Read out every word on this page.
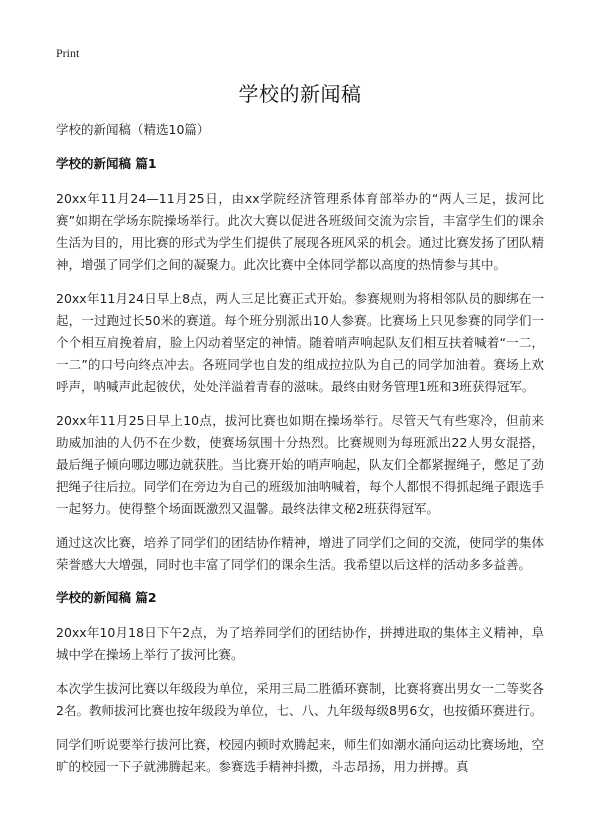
Print
学校的新闻稿
学校的新闻稿（精选10篇）
学校的新闻稿 篇1

20xx年11月24—11月25日，由xx学院经济管理系体育部举办的“两人三足，拔河比赛”如期在学场东院操场举行。此次大赛以促进各班级间交流为宗旨，丰富学生们的课余生活为目的，用比赛的形式为学生们提供了展现各班风采的机会。通过比赛发扬了团队精神，增强了同学们之间的凝聚力。此次比赛中全体同学都以高度的热情参与其中。

20xx年11月24日早上8点，两人三足比赛正式开始。参赛规则为将相邻队员的脚绑在一起，一过跑过长50米的赛道。每个班分别派出10人参赛。比赛场上只见参赛的同学们一个个相互肩挽着肩，脸上闪动着坚定的神情。随着哨声响起队友们相互扶着喊着“一二，一二”的口号向终点冲去。各班同学也自发的组成拉拉队为自己的同学加油着。赛场上欢呼声，呐喊声此起彼伏，处处洋溢着青春的滋味。最终由财务管理1班和3班获得冠军。

20xx年11月25日早上10点，拔河比赛也如期在操场举行。尽管天气有些寒冷，但前来助威加油的人仍不在少数，使赛场氛围十分热烈。比赛规则为每班派出22人男女混搭，最后绳子倾向哪边哪边就获胜。当比赛开始的哨声响起，队友们全都紧握绳子，憋足了劲把绳子往后拉。同学们在旁边为自己的班级加油呐喊着，每个人都恨不得抓起绳子跟选手一起努力。使得整个场面既激烈又温馨。最终法律文秘2班获得冠军。

通过这次比赛，培养了同学们的团结协作精神，增进了同学们之间的交流，使同学的集体荣誉感大大增强，同时也丰富了同学们的课余生活。我希望以后这样的活动多多益善。

学校的新闻稿 篇2

20xx年10月18日下午2点，为了培养同学们的团结协作，拼搏进取的集体主义精神，阜城中学在操场上举行了拔河比赛。

本次学生拔河比赛以年级段为单位，采用三局二胜循环赛制，比赛将赛出男女一二等奖各2名。教师拔河比赛也按年级段为单位，七、八、九年级每级8男6女，也按循环赛进行。

同学们听说要举行拔河比赛，校园内顿时欢腾起来，师生们如潮水涌向运动比赛场地，空旷的校园一下子就沸腾起来。参赛选手精神抖擞，斗志昂扬，用力拼搏。真
